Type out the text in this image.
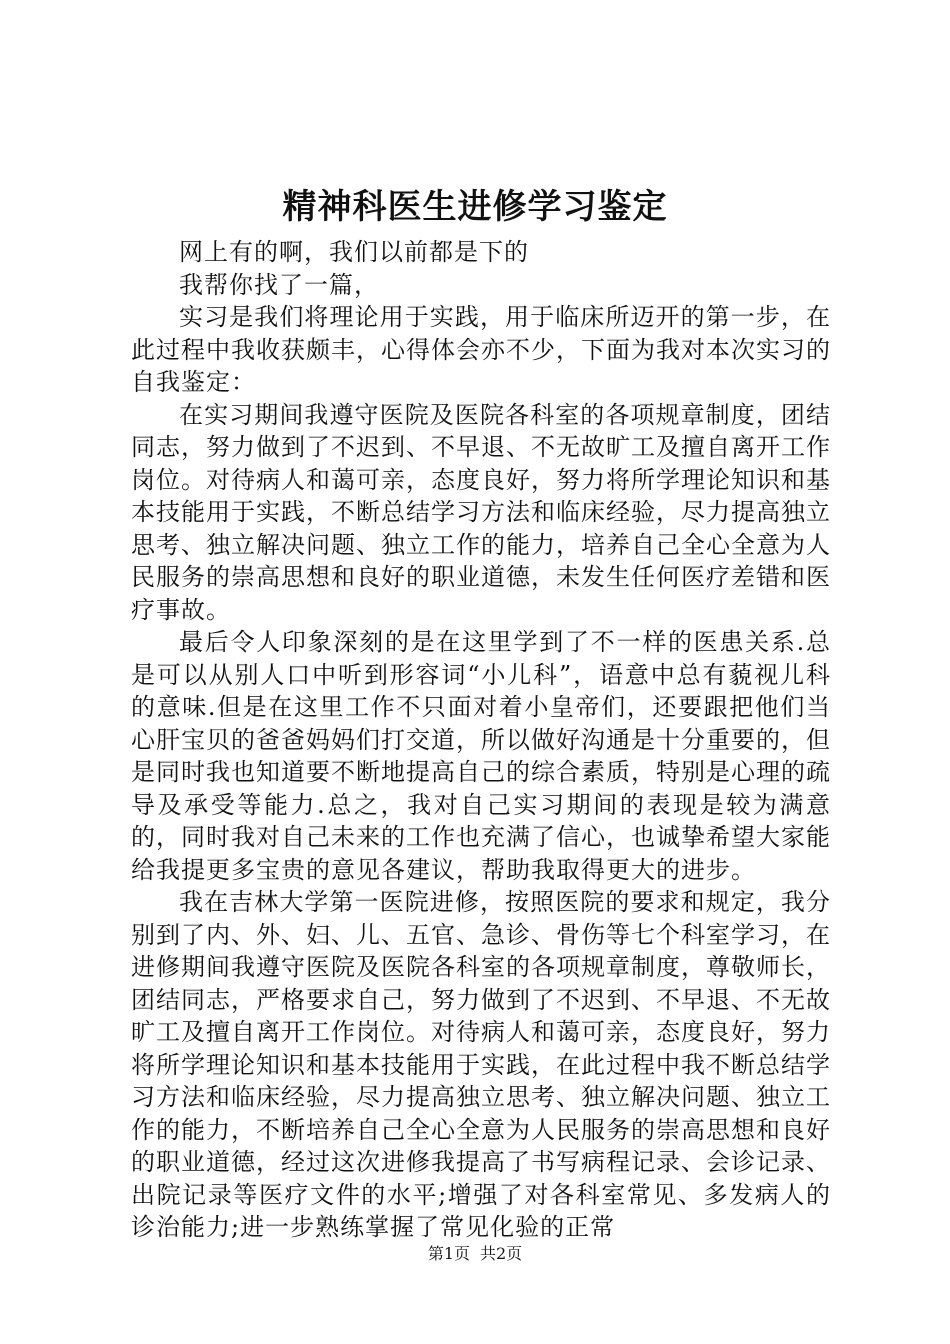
精神科医生进修学习鉴定

网上有的啊，我们以前都是下的

我帮你找了一篇，

实习是我们将理论用于实践，用于临床所迈开的第一步，在此过程中我收获颇丰，心得体会亦不少，下面为我对本次实习的自我鉴定：

在实习期间我遵守医院及医院各科室的各项规章制度，团结同志，努力做到了不迟到、不早退、不无故旷工及擅自离开工作岗位。对待病人和蔼可亲，态度良好，努力将所学理论知识和基本技能用于实践，不断总结学习方法和临床经验，尽力提高独立思考、独立解决问题、独立工作的能力，培养自己全心全意为人民服务的崇高思想和良好的职业道德，未发生任何医疗差错和医疗事故。

最后令人印象深刻的是在这里学到了不一样的医患关系.总是可以从别人口中听到形容词“小儿科”，语意中总有藐视儿科的意味.但是在这里工作不只面对着小皇帝们，还要跟把他们当心肝宝贝的爸爸妈妈们打交道，所以做好沟通是十分重要的，但是同时我也知道要不断地提高自己的综合素质，特别是心理的疏导及承受等能力.总之，我对自己实习期间的表现是较为满意的，同时我对自己未来的工作也充满了信心，也诚挚希望大家能给我提更多宝贵的意见各建议，帮助我取得更大的进步。

我在吉林大学第一医院进修，按照医院的要求和规定，我分别到了内、外、妇、儿、五官、急诊、骨伤等七个科室学习，在进修期间我遵守医院及医院各科室的各项规章制度，尊敬师长，团结同志，严格要求自己，努力做到了不迟到、不早退、不无故旷工及擅自离开工作岗位。对待病人和蔼可亲，态度良好，努力将所学理论知识和基本技能用于实践，在此过程中我不断总结学习方法和临床经验，尽力提高独立思考、独立解决问题、独立工作的能力，不断培养自己全心全意为人民服务的崇高思想和良好的职业道德，经过这次进修我提高了书写病程记录、会诊记录、出院记录等医疗文件的水平;增强了对各科室常见、多发病人的诊治能力;进一步熟练掌握了常见化验的正常

第1页 共2页
